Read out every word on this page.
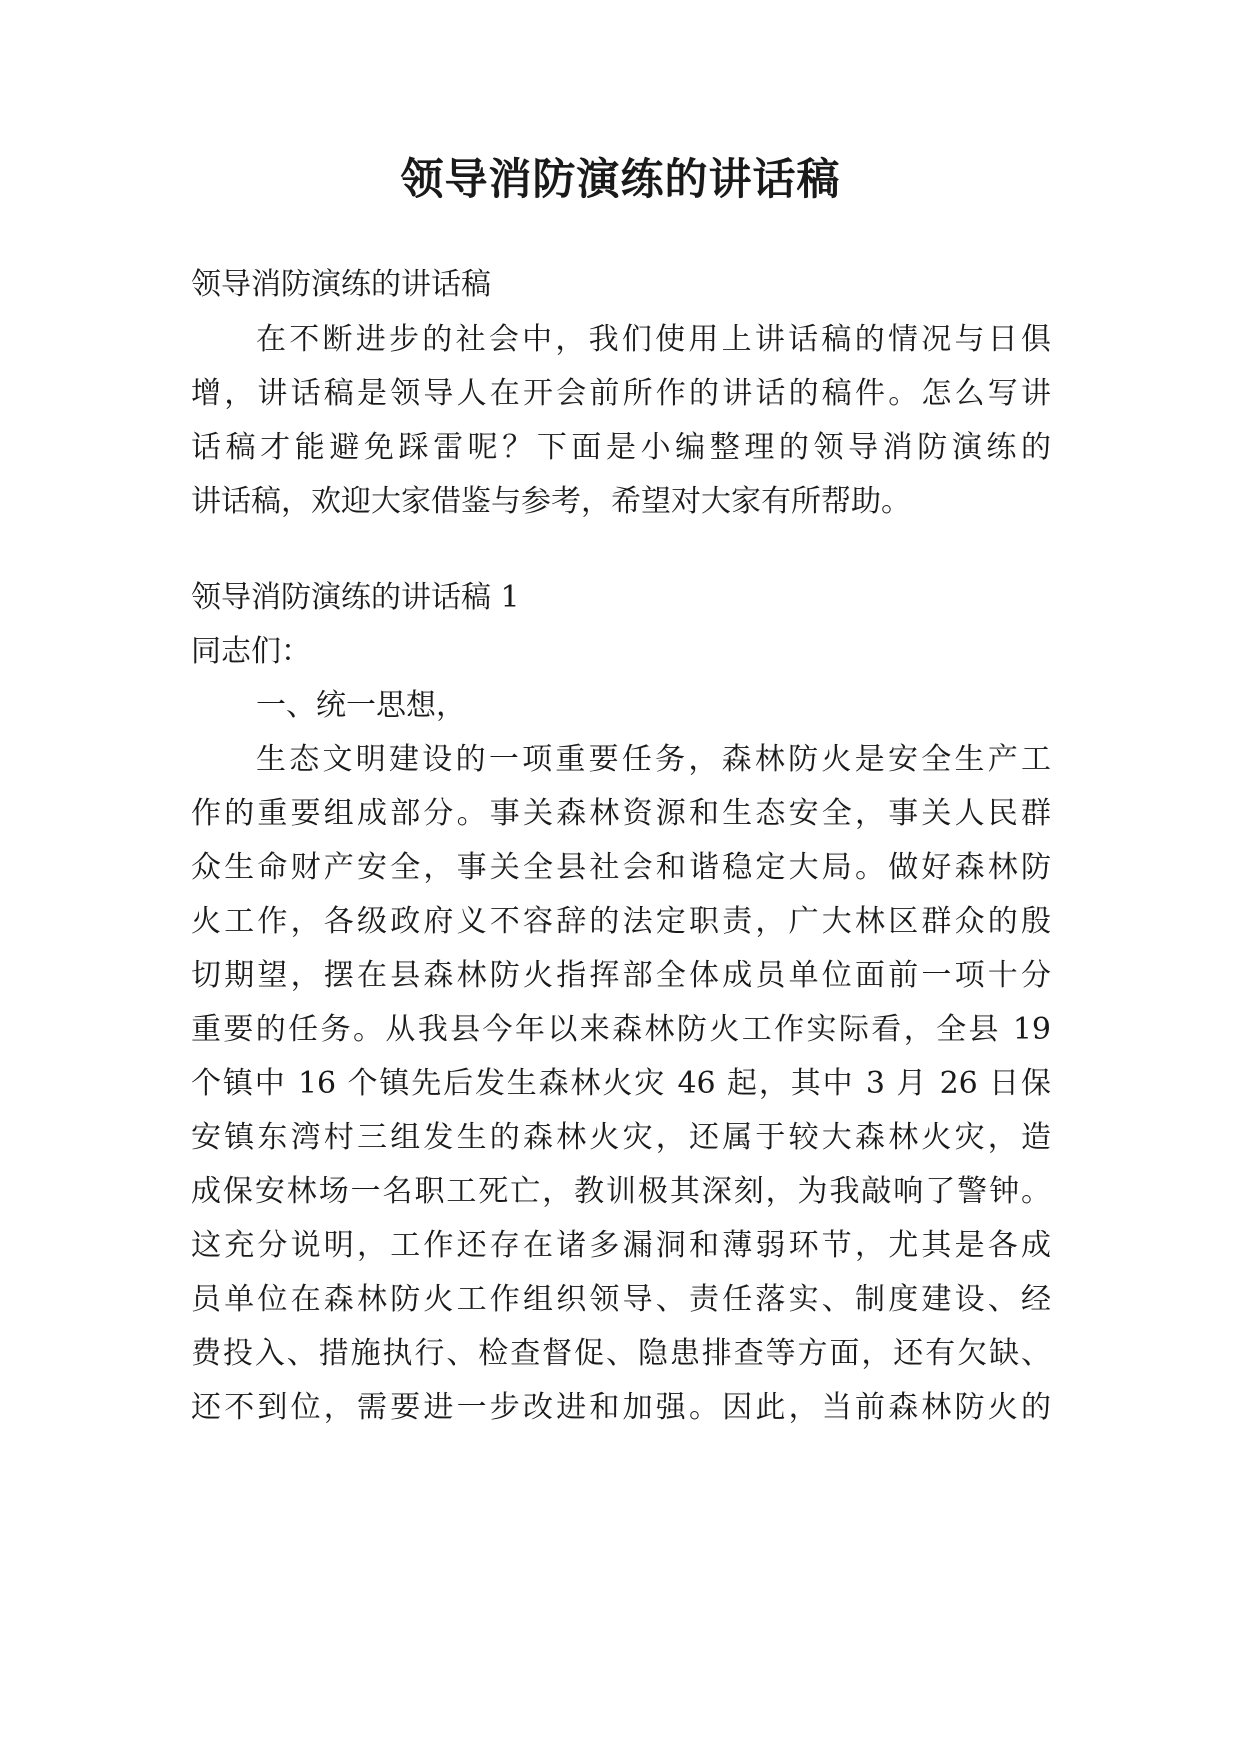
领导消防演练的讲话稿

领导消防演练的讲话稿

在不断进步的社会中，我们使用上讲话稿的情况与日俱

增，讲话稿是领导人在开会前所作的讲话的稿件。怎么写讲

话稿才能避免踩雷呢？下面是小编整理的领导消防演练的

讲话稿，欢迎大家借鉴与参考，希望对大家有所帮助。

领导消防演练的讲话稿 1

同志们：

一、统一思想，

生态文明建设的一项重要任务，森林防火是安全生产工

作的重要组成部分。事关森林资源和生态安全，事关人民群

众生命财产安全，事关全县社会和谐稳定大局。做好森林防

火工作，各级政府义不容辞的法定职责，广大林区群众的殷

切期望，摆在县森林防火指挥部全体成员单位面前一项十分

重要的任务。从我县今年以来森林防火工作实际看，全县 19

个镇中 16 个镇先后发生森林火灾 46 起，其中 3 月 26 日保

安镇东湾村三组发生的森林火灾，还属于较大森林火灾，造

成保安林场一名职工死亡，教训极其深刻，为我敲响了警钟。

这充分说明，工作还存在诸多漏洞和薄弱环节，尤其是各成

员单位在森林防火工作组织领导、责任落实、制度建设、经

费投入、措施执行、检查督促、隐患排查等方面，还有欠缺、

还不到位，需要进一步改进和加强。因此，当前森林防火的
